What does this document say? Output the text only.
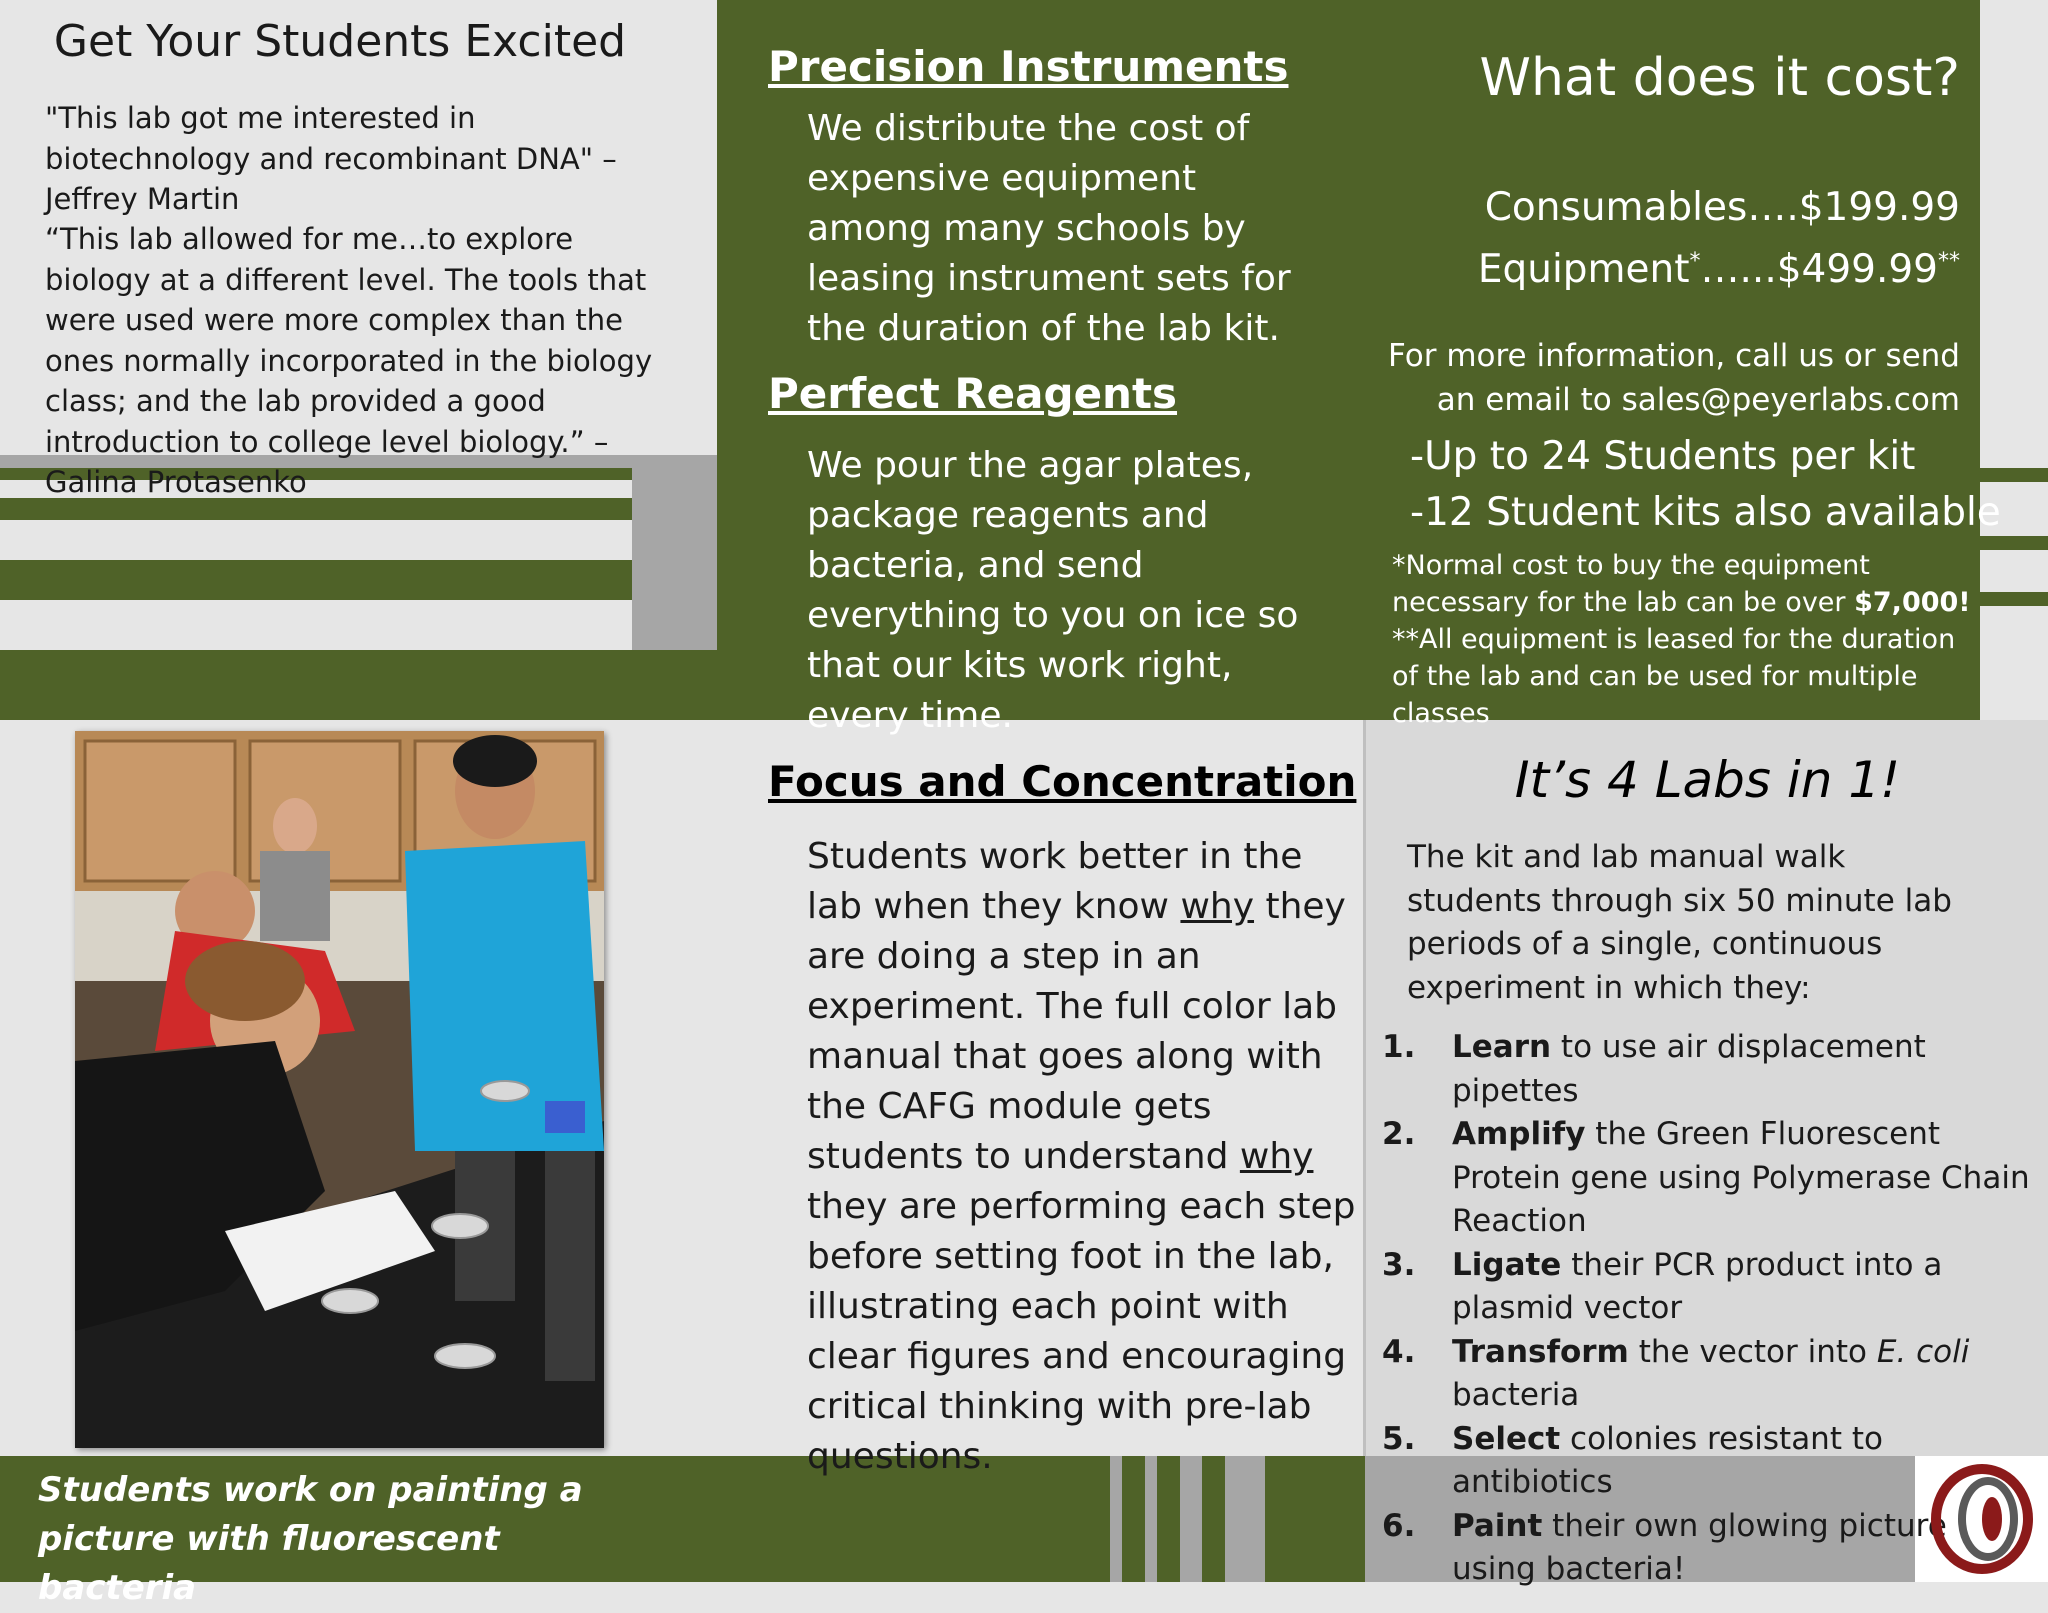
Get Your Students Excited

"This lab got me interested in biotechnology and recombinant DNA" – Jeffrey Martin

“This lab allowed for me…to explore biology at a different level. The tools that were used were more complex than the ones normally incorporated in the biology class; and the lab provided a good introduction to college level biology.” – Galina Protasenko

Precision Instruments

We distribute the cost of expensive equipment among many schools by leasing instrument sets for the duration of the lab kit.

Perfect Reagents

We pour the agar plates, package reagents and bacteria, and send everything to you on ice so that our kits work right, every time.

What does it cost?
Consumables….$199.99
Equipment*…...$499.99**
For more information, call us or send
an email to sales@peyerlabs.com
-Up to 24 Students per kit
-12 Student kits also available

*Normal cost to buy the equipment necessary for the lab can be over $7,000!

**All equipment is leased for the duration of the lab and can be used for multiple classes

Students work on painting a picture with fluorescent bacteria

Focus and Concentration

Students work better in the lab when they know why they are doing a step in an experiment. The full color lab manual that goes along with the CAFG module gets students to understand why they are performing each step before setting foot in the lab, illustrating each point with clear figures and encouraging critical thinking with pre-lab questions.

It’s 4 Labs in 1!

The kit and lab manual walk students through six 50 minute lab periods of a single, continuous experiment in which they:

1. Learn to use air displacement pipettes
2. Amplify the Green Fluorescent Protein gene using Polymerase Chain Reaction
3. Ligate their PCR product into a plasmid vector
4. Transform the vector into E. coli bacteria
5. Select colonies resistant to antibiotics
6. Paint their own glowing picture using bacteria!
